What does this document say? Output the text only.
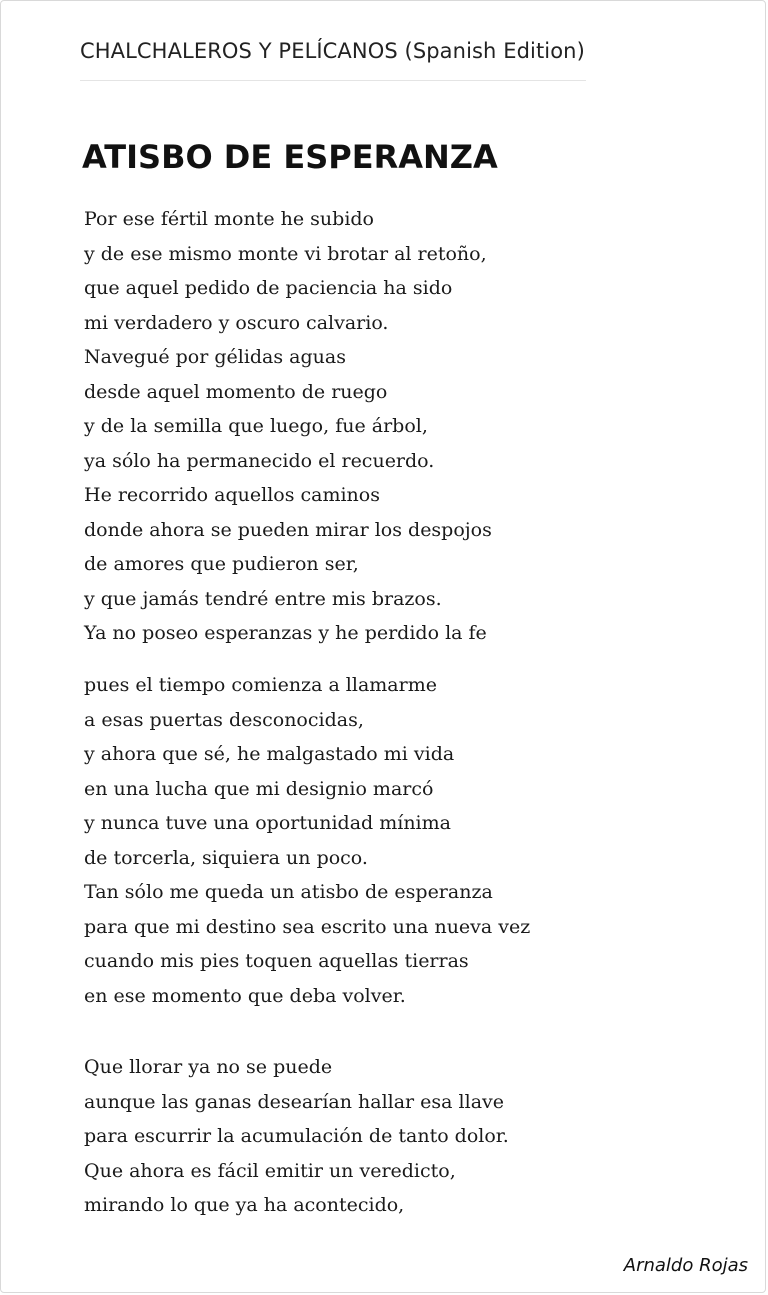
CHALCHALEROS Y PELÍCANOS (Spanish Edition)
ATISBO DE ESPERANZA
Por ese fértil monte he subido
y de ese mismo monte vi brotar al retoño,
que aquel pedido de paciencia ha sido
mi verdadero y oscuro calvario.
Navegué por gélidas aguas
desde aquel momento de ruego
y de la semilla que luego, fue árbol,
ya sólo ha permanecido el recuerdo.
He recorrido aquellos caminos
donde ahora se pueden mirar los despojos
de amores que pudieron ser,
y que jamás tendré entre mis brazos.
Ya no poseo esperanzas y he perdido la fe
pues el tiempo comienza a llamarme
a esas puertas desconocidas,
y ahora que sé, he malgastado mi vida
en una lucha que mi designio marcó
y nunca tuve una oportunidad mínima
de torcerla, siquiera un poco.
Tan sólo me queda un atisbo de esperanza
para que mi destino sea escrito una nueva vez
cuando mis pies toquen aquellas tierras
en ese momento que deba volver.
Que llorar ya no se puede
aunque las ganas desearían hallar esa llave
para escurrir la acumulación de tanto dolor.
Que ahora es fácil emitir un veredicto,
mirando lo que ya ha acontecido,
Arnaldo Rojas
